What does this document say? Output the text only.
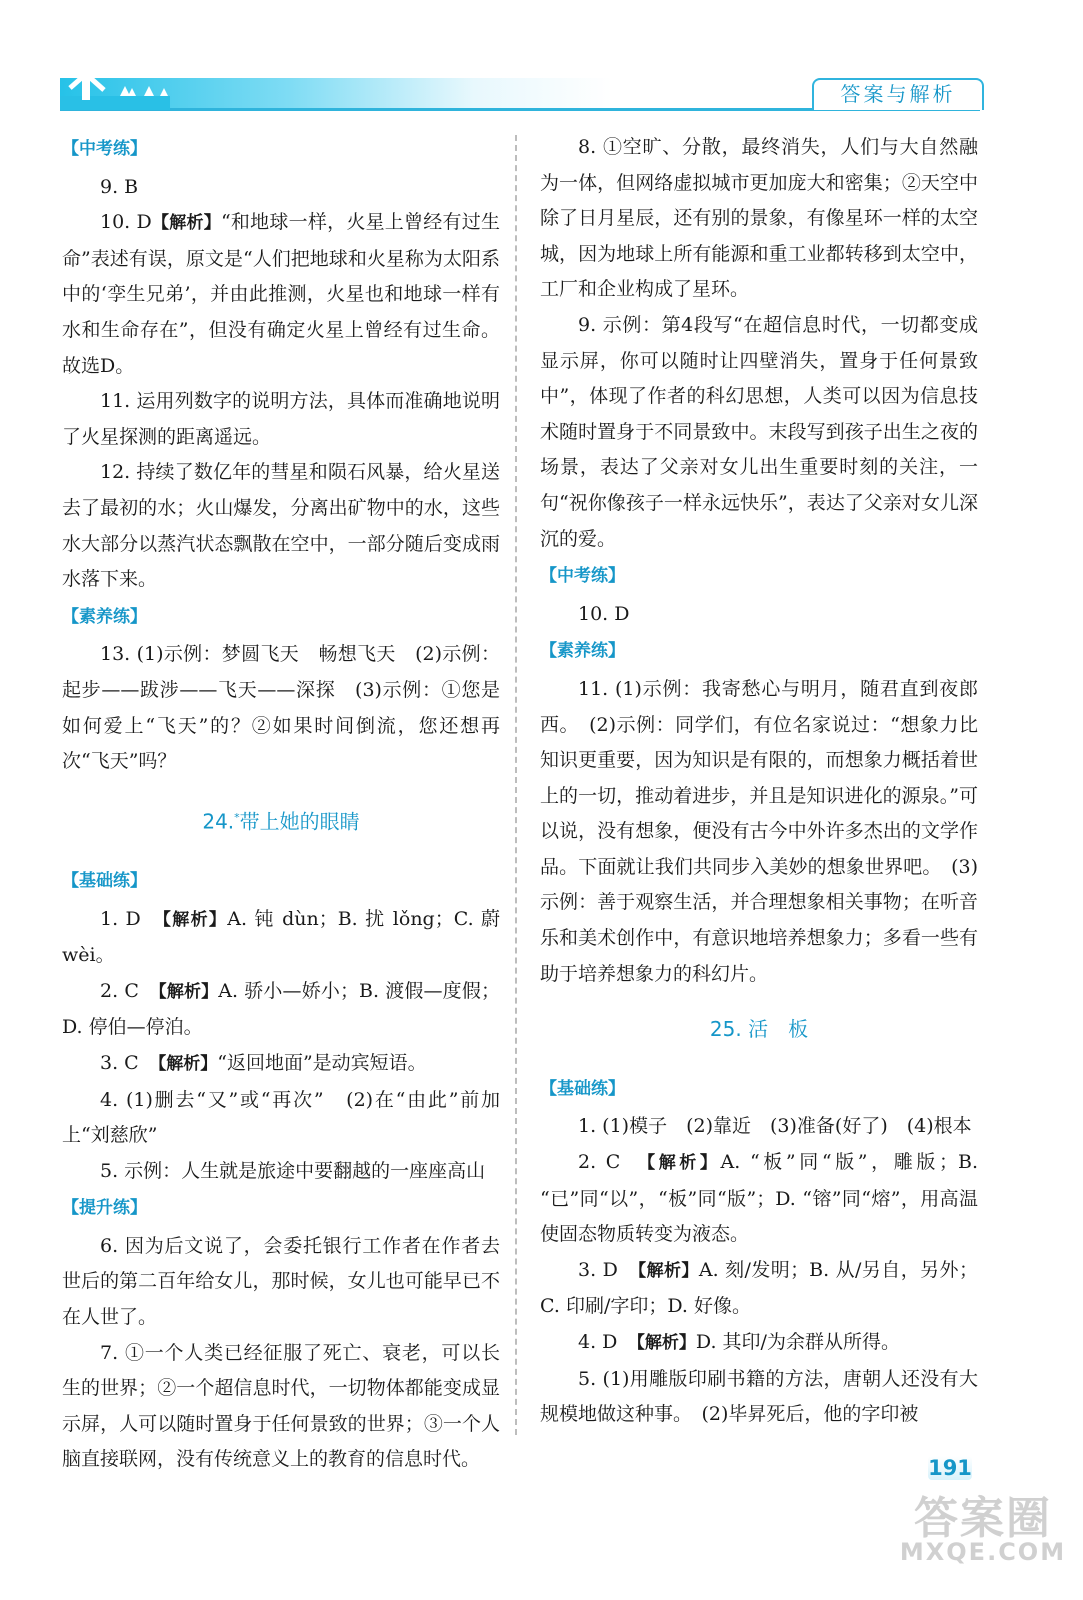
答案与解析
【中考练】

9. B

10. D【解析】“和地球一样，火星上曾经有过生命”表述有误，原文是“人们把地球和火星称为太阳系中的‘孪生兄弟’，并由此推测，火星也和地球一样有水和生命存在”，但没有确定火星上曾经有过生命。故选D。

11. 运用列数字的说明方法，具体而准确地说明了火星探测的距离遥远。

12. 持续了数亿年的彗星和陨石风暴，给火星送去了最初的水；火山爆发，分离出矿物中的水，这些水大部分以蒸汽状态飘散在空中，一部分随后变成雨水落下来。

【素养练】

13. (1)示例：梦圆飞天　畅想飞天　(2)示例：起步——跋涉——飞天——深探　(3)示例：①您是如何爱上“飞天”的？②如果时间倒流，您还想再次“飞天”吗？

24.*带上她的眼睛
【基础练】

1. D　 【解析】A. 钝 dùn；B. 扰 lǒng；C. 蔚wèi。

2. C　 【解析】A. 骄小—娇小；B. 渡假—度假；D. 停伯—停泊。

3. C　 【解析】“返回地面”是动宾短语。

4. (1)删去“又”或“再次”　(2)在“由此”前加上“刘慈欣”

5. 示例：人生就是旅途中要翻越的一座座高山

【提升练】

6. 因为后文说了，会委托银行工作者在作者去世后的第二百年给女儿，那时候，女儿也可能早已不在人世了。

7. ①一个人类已经征服了死亡、衰老，可以长生的世界；②一个超信息时代，一切物体都能变成显示屏，人可以随时置身于任何景致的世界；③一个人脑直接联网，没有传统意义上的教育的信息时代。

8. ①空旷、分散，最终消失，人们与大自然融为一体，但网络虚拟城市更加庞大和密集；②天空中除了日月星辰，还有别的景象，有像星环一样的太空城，因为地球上所有能源和重工业都转移到太空中，工厂和企业构成了星环。

9. 示例：第4段写“在超信息时代，一切都变成显示屏，你可以随时让四壁消失，置身于任何景致中”，体现了作者的科幻思想，人类可以因为信息技术随时置身于不同景致中。末段写到孩子出生之夜的场景，表达了父亲对女儿出生重要时刻的关注，一句“祝你像孩子一样永远快乐”，表达了父亲对女儿深沉的爱。

【中考练】

10. D

【素养练】

11. (1)示例：我寄愁心与明月，随君直到夜郎西。　(2)示例：同学们，有位名家说过：“想象力比知识更重要，因为知识是有限的，而想象力概括着世上的一切，推动着进步，并且是知识进化的源泉。”可以说，没有想象，便没有古今中外许多杰出的文学作品。下面就让我们共同步入美妙的想象世界吧。　(3)示例：善于观察生活，并合理想象相关事物；在听音乐和美术创作中，有意识地培养想象力；多看一些有助于培养想象力的科幻片。

25. 活　板
【基础练】

1. (1)模子　(2)靠近　(3)准备(好了)　(4)根本

2. C　 【解析】A. “板”同“版”，雕版；B. “已”同“以”，“板”同“版”；D. “镕”同“熔”，用高温使固态物质转变为液态。

3. D　 【解析】A. 刻/发明；B. 从/另自，另外；C. 印刷/字印；D. 好像。

4. D　 【解析】D. 其印/为余群从所得。

5. (1)用雕版印刷书籍的方法，唐朝人还没有大规模地做这种事。　(2)毕昇死后，他的字印被

191
答案圈
MXQE.COM
